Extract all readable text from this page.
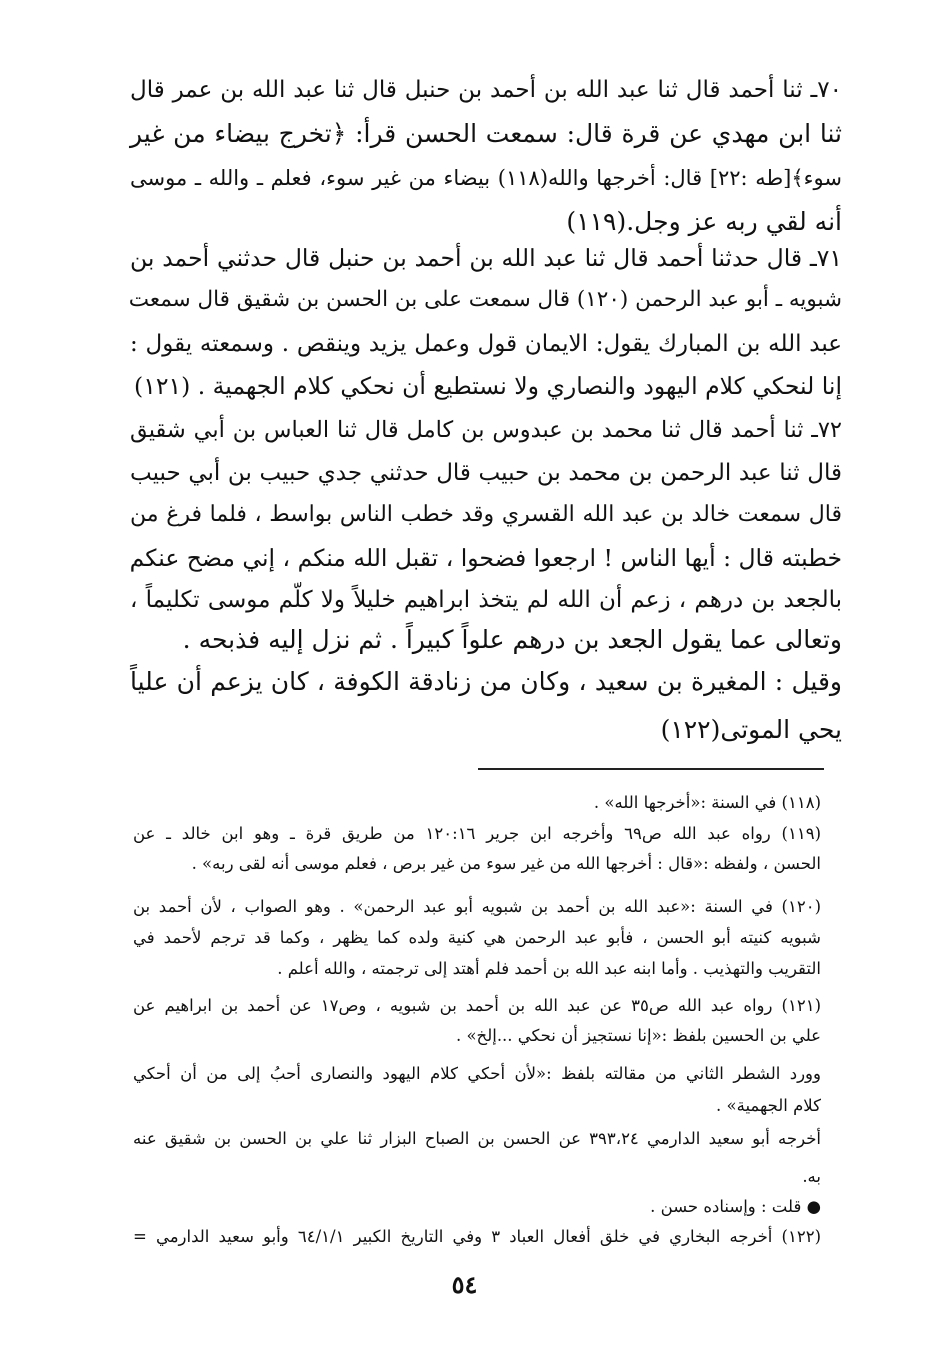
٧٠ـ ثنا أحمد قال ثنا عبد الله بن أحمد بن حنبل قال ثنا عبد الله بن عمر قال
ثنا ابن مهدي عن قرة قال: سمعت الحسن قرأ: ﴿تخرج بيضاء من غير
سوء﴾[طه :٢٢] قال: أخرجها والله(١١٨) بيضاء من غير سوء، فعلم ـ والله ـ موسى
أنه لقي ربه عز وجل.(١١٩)
٧١ـ قال حدثنا أحمد قال ثنا عبد الله بن أحمد بن حنبل قال حدثني أحمد بن
شبويه ـ أبو عبد الرحمن (١٢٠) قال سمعت على بن الحسن بن شقيق قال سمعت
عبد الله بن المبارك يقول: الايمان قول وعمل يزيد وينقص . وسمعته يقول :
إنا لنحكي كلام اليهود والنصاري ولا نستطيع أن نحكي كلام الجهمية . (١٢١)
٧٢ـ ثنا أحمد قال ثنا محمد بن عبدوس بن كامل قال ثنا العباس بن أبي شقيق
قال ثنا عبد الرحمن بن محمد بن حبيب قال حدثني جدي حبيب بن أبي حبيب
قال سمعت خالد بن عبد الله القسري وقد خطب الناس بواسط ، فلما فرغ من
خطبته قال : أيها الناس ! ارجعوا فضحوا ، تقبل الله منكم ، إني مضح عنكم
بالجعد بن درهم ، زعم أن الله لم يتخذ ابراهيم خليلاً ولا كلّم موسى تكليماً ،
وتعالى عما يقول الجعد بن درهم علواً كبيراً . ثم نزل إليه فذبحه .
وقيل : المغيرة بن سعيد ، وكان من زنادقة الكوفة ، كان يزعم أن علياً
يحي الموتى(١٢٢)
(١١٨) في السنة :«أخرجها الله» .
(١١٩) رواه عبد الله ص٦٩ وأخرجه ابن جرير ١٢٠:١٦ من طريق قرة ـ وهو ابن خالد ـ عن
الحسن ، ولفظه :«قال : أخرجها الله من غير سوء من غير برص ، فعلم موسى أنه لقى ربه» .
(١٢٠) في السنة :«عبد الله بن أحمد بن شبويه أبو عبد الرحمن» . وهو الصواب ، لأن أحمد بن
شبويه كنيته أبو الحسن ، فأبو عبد الرحمن هي كنية ولده كما يظهر ، وكما قد ترجم لأحمد في
التقريب والتهذيب . وأما ابنه عبد الله بن أحمد فلم أهتد إلى ترجمته ، والله أعلم .
(١٢١) رواه عبد الله ص٣٥ عن عبد الله بن أحمد بن شبويه ، وص١٧ عن أحمد بن ابراهيم عن
علي بن الحسين بلفظ :«إنا نستجيز أن نحكي ...إلخ» .
وورد الشطر الثاني من مقالته بلفظ :«لأن أحكي كلام اليهود والنصارى أحبُ إلى من أن أحكي
كلام الجهمية» .
أخرجه أبو سعيد الدارمي ٣٩٣،٢٤ عن الحسن بن الصباح البزار ثنا علي بن الحسن بن شقيق عنه
به.
● قلت : وإسناده حسن .
(١٢٢) أخرجه البخاري في خلق أفعال العباد ٣ وفي التاريخ الكبير ٦٤/١/١ وأبو سعيد الدارمي =
٥٤
